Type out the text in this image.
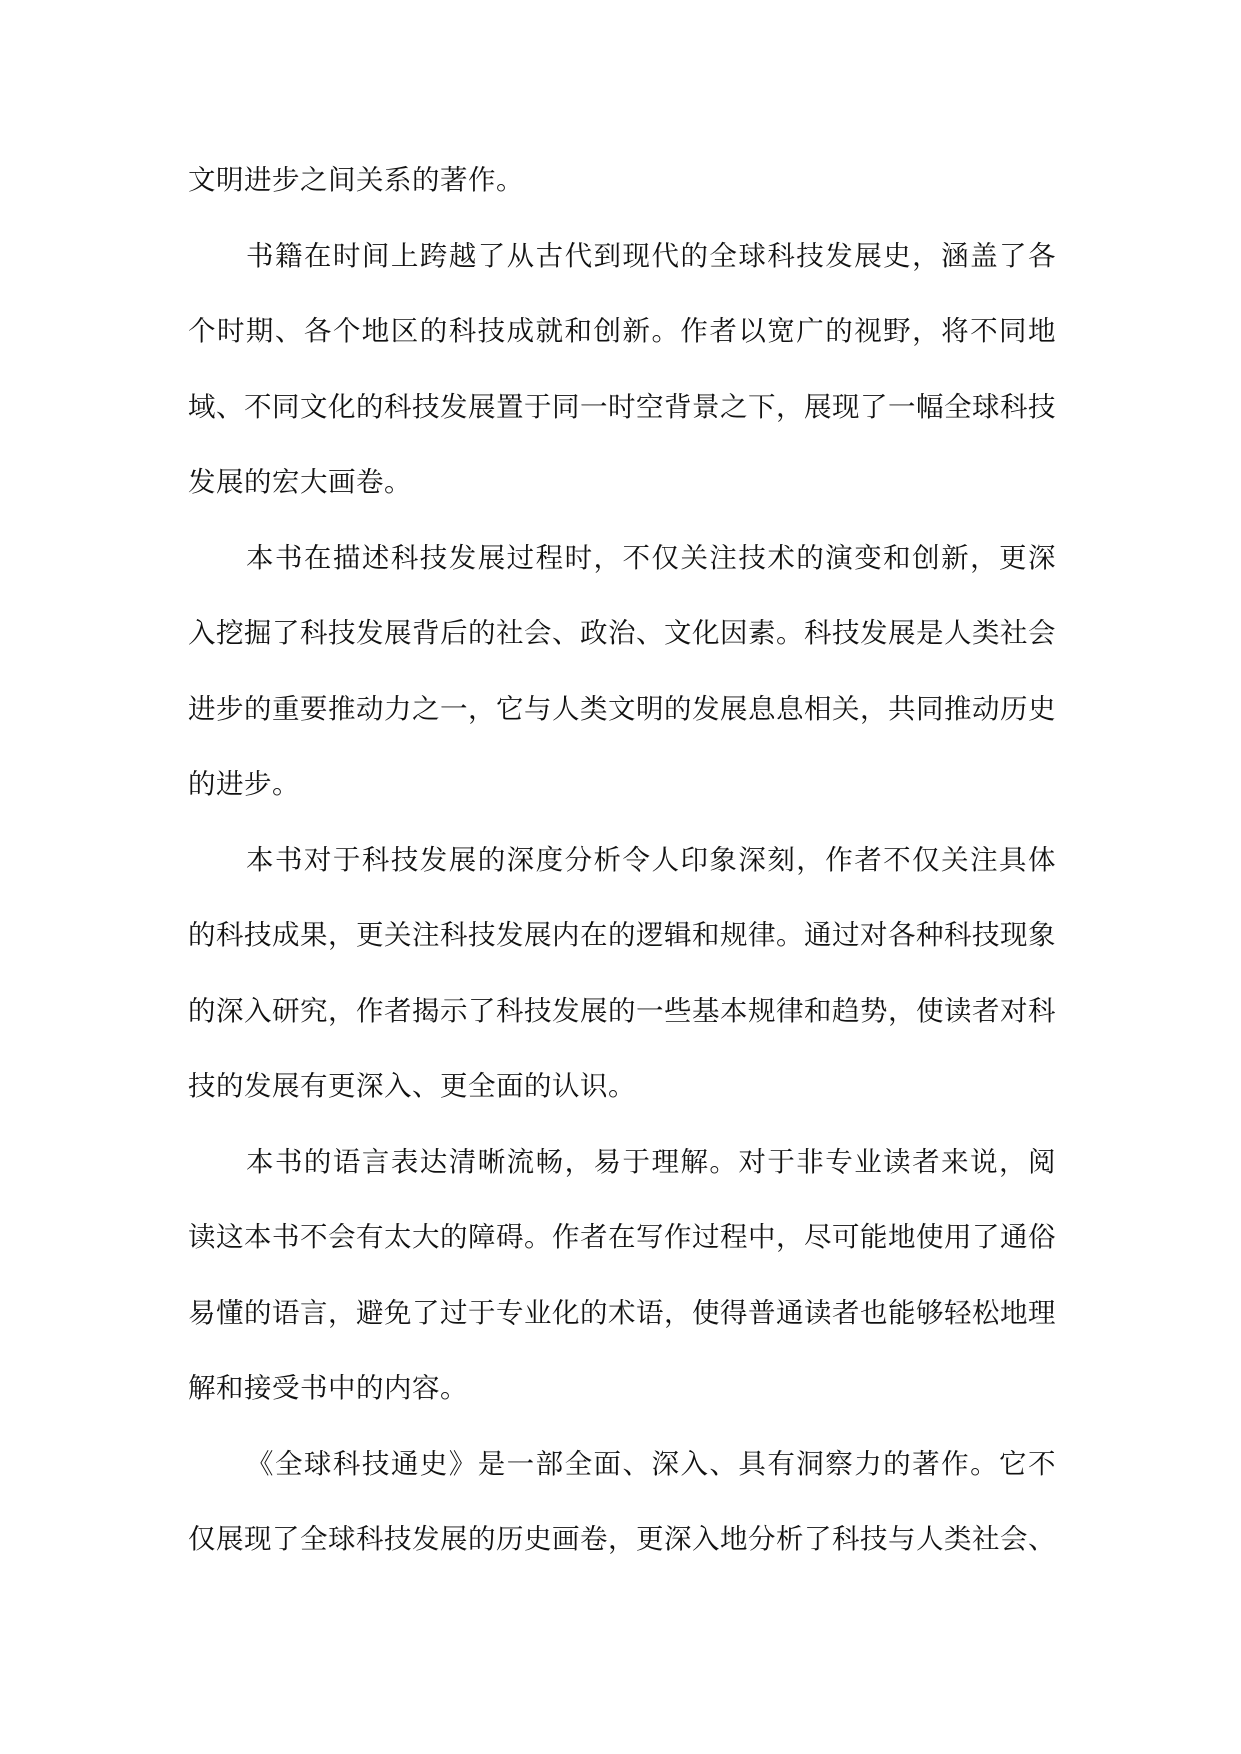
文明进步之间关系的著作。

书籍在时间上跨越了从古代到现代的全球科技发展史，涵盖了各个时期、各个地区的科技成就和创新。作者以宽广的视野，将不同地域、不同文化的科技发展置于同一时空背景之下，展现了一幅全球科技发展的宏大画卷。

本书在描述科技发展过程时，不仅关注技术的演变和创新，更深入挖掘了科技发展背后的社会、政治、文化因素。科技发展是人类社会进步的重要推动力之一，它与人类文明的发展息息相关，共同推动历史的进步。

本书对于科技发展的深度分析令人印象深刻，作者不仅关注具体的科技成果，更关注科技发展内在的逻辑和规律。通过对各种科技现象的深入研究，作者揭示了科技发展的一些基本规律和趋势，使读者对科技的发展有更深入、更全面的认识。

本书的语言表达清晰流畅，易于理解。对于非专业读者来说，阅读这本书不会有太大的障碍。作者在写作过程中，尽可能地使用了通俗易懂的语言，避免了过于专业化的术语，使得普通读者也能够轻松地理解和接受书中的内容。

《全球科技通史》是一部全面、深入、具有洞察力的著作。它不仅展现了全球科技发展的历史画卷，更深入地分析了科技与人类社会、
